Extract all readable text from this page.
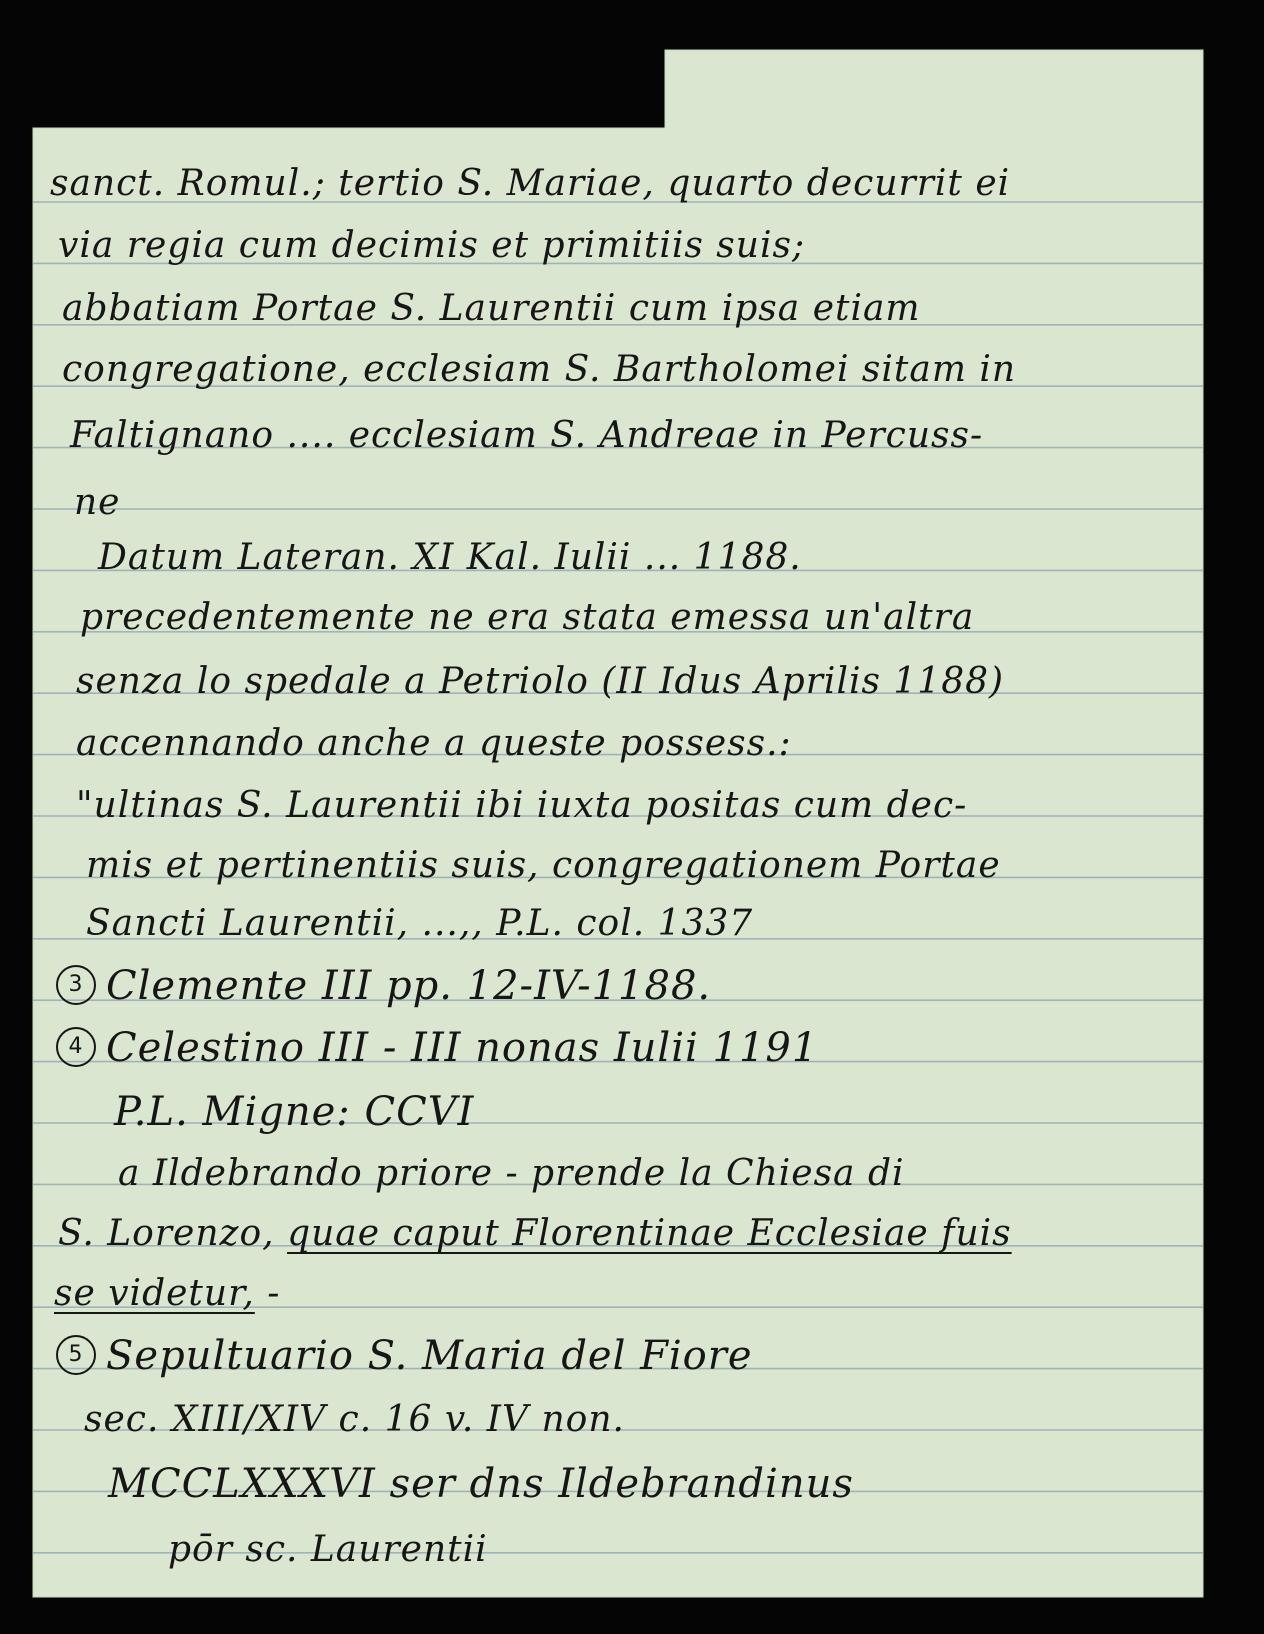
sanct. Romul.; tertio S. Mariae, quarto decurrit ei
via regia cum decimis et primitiis suis;
abbatiam Portae S. Laurentii cum ipsa etiam
congregatione, ecclesiam S. Bartholomei sitam in
Faltignano .... ecclesiam S. Andreae in Percuss-
ne
Datum Lateran. XI Kal. Iulii ... 1188.
precedentemente ne era stata emessa un'altra
senza lo spedale a Petriolo (II Idus Aprilis 1188)
accennando anche a queste possess.:
"ultinas S. Laurentii ibi iuxta positas cum dec-
mis et pertinentiis suis, congregationem Portae
Sancti Laurentii, ...,, P.L. col. 1337
3 Clemente III pp. 12-IV-1188.
4 Celestino III - III nonas Iulii 1191
P.L. Migne: CCVI
a Ildebrando priore - prende la Chiesa di
S. Lorenzo, quae caput Florentinae Ecclesiae fuis
se videtur, -
5 Sepultuario S. Maria del Fiore
sec. XIII/XIV c. 16 v. IV non.
MCCLXXXVI ser dns Ildebrandinus
pōr sc. Laurentii
